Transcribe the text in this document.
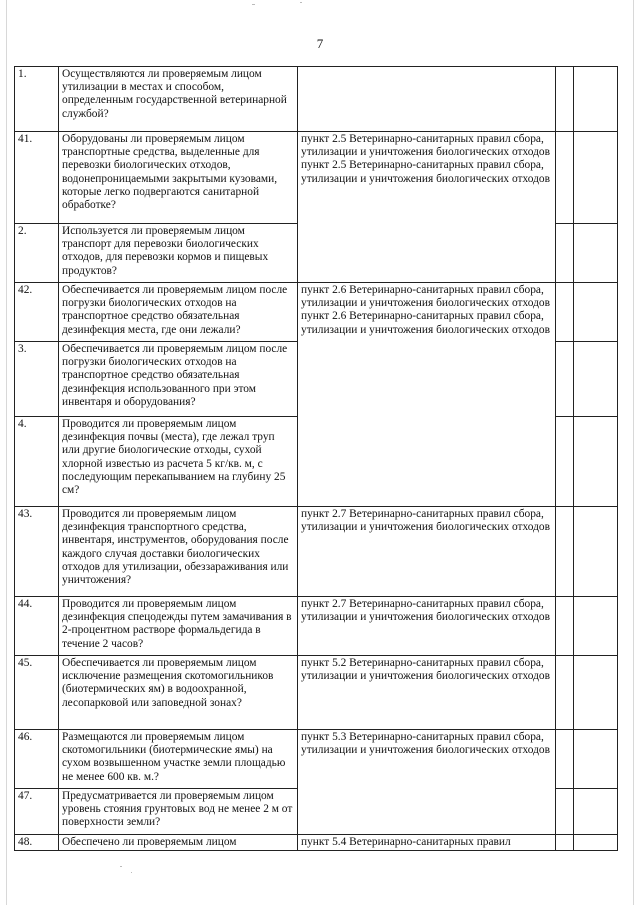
7
1.	Осуществляются ли проверяемым лицом утилизации в местах и способом, определенным государственной ветеринарной службой?			
41.	Оборудованы ли проверяемым лицом транспортные средства, выделенные для перевозки биологических отходов, водонепроницаемыми закрытыми кузовами, которые легко подвергаются санитарной обработке?	пункт 2.5 Ветеринарно-санитарных правил сбора, утилизации и уничтожения биологических отходов
пункт 2.5 Ветеринарно-санитарных правил сбора, утилизации и уничтожения биологических отходов		

2.	Используется ли проверяемым лицом транспорт для перевозки биологических отходов, для перевозки кормов и пищевых продуктов?			
42.	Обеспечивается ли проверяемым лицом после погрузки биологических отходов на транспортное средство обязательная дезинфекция места, где они лежали?	пункт 2.6 Ветеринарно-санитарных правил сбора, утилизации и уничтожения биологических отходов
пункт 2.6 Ветеринарно-санитарных правил сбора, утилизации и уничтожения биологических отходов		

3.	Обеспечивается ли проверяемым лицом после погрузки биологических отходов на транспортное средство обязательная дезинфекция использованного при этом инвентаря и оборудования?			
4.	Проводится ли проверяемым лицом дезинфекция почвы (места), где лежал труп или другие биологические отходы, сухой хлорной известью из расчета 5 кг/кв. м, с последующим перекапыванием на глубину 25 см?			
43.	Проводится ли проверяемым лицом дезинфекция транспортного средства, инвентаря, инструментов, оборудования после каждого случая доставки биологических отходов для утилизации, обеззараживания или уничтожения?	пункт 2.7 Ветеринарно-санитарных правил сбора, утилизации и уничтожения биологических отходов		
44.	Проводится ли проверяемым лицом дезинфекция спецодежды путем замачивания в 2-процентном растворе формальдегида в течение 2 часов?	пункт 2.7 Ветеринарно-санитарных правил сбора, утилизации и уничтожения биологических отходов		
45.	Обеспечивается ли проверяемым лицом исключение размещения скотомогильников (биотермических ям) в водоохранной, лесопарковой или заповедной зонах?	пункт 5.2 Ветеринарно-санитарных правил сбора, утилизации и уничтожения биологических отходов		
46.	Размещаются ли проверяемым лицом скотомогильники (биотермические ямы) на сухом возвышенном участке земли площадью не менее 600 кв. м.?	пункт 5.3 Ветеринарно-санитарных правил сбора, утилизации и уничтожения биологических отходов		
47.	Предусматривается ли проверяемым лицом уровень стояния грунтовых вод не менее 2 м от поверхности земли?			
48.	Обеспечено ли проверяемым лицом	пункт 5.4 Ветеринарно-санитарных правил		
